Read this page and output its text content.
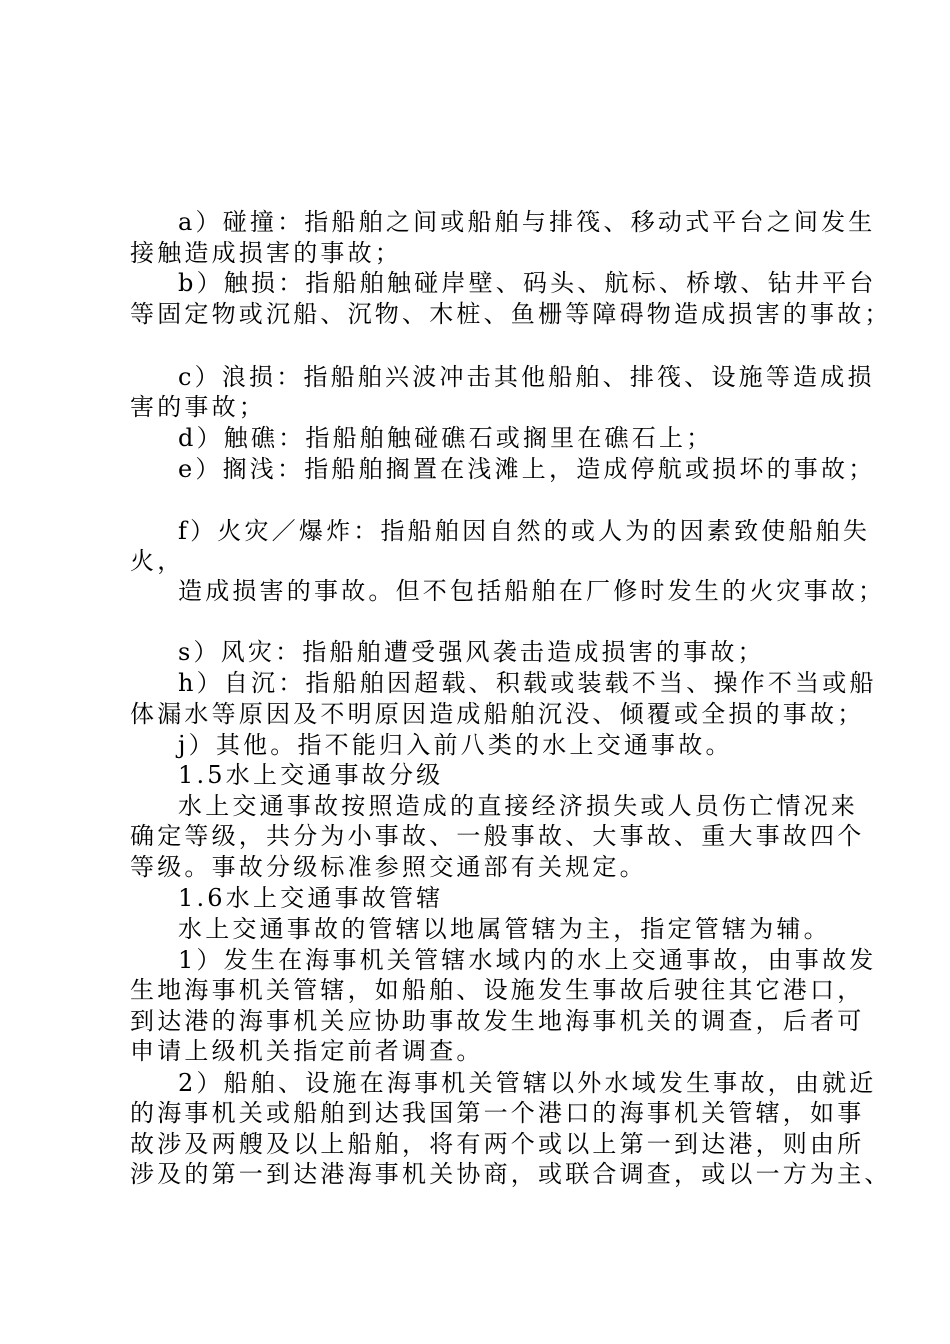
a）碰撞：指船舶之间或船舶与排筏、移动式平台之间发生
接触造成损害的事故；
b）触损：指船舶触碰岸壁、码头、航标、桥墩、钻井平台
等固定物或沉船、沉物、木桩、鱼栅等障碍物造成损害的事故；
c）浪损：指船舶兴波冲击其他船舶、排筏、设施等造成损
害的事故；
d）触礁：指船舶触碰礁石或搁里在礁石上；
e）搁浅：指船舶搁置在浅滩上，造成停航或损坏的事故；
f）火灾／爆炸：指船舶因自然的或人为的因素致使船舶失
火，
造成损害的事故。但不包括船舶在厂修时发生的火灾事故；
s）风灾：指船舶遭受强风袭击造成损害的事故；
h）自沉：指船舶因超载、积载或装载不当、操作不当或船
体漏水等原因及不明原因造成船舶沉没、倾覆或全损的事故；
j）其他。指不能归入前八类的水上交通事故。
1.5水上交通事故分级
水上交通事故按照造成的直接经济损失或人员伤亡情况来
确定等级，共分为小事故、一般事故、大事故、重大事故四个
等级。事故分级标准参照交通部有关规定。
1.6水上交通事故管辖
水上交通事故的管辖以地属管辖为主，指定管辖为辅。
1）发生在海事机关管辖水域内的水上交通事故，由事故发
生地海事机关管辖，如船舶、设施发生事故后驶往其它港口，
到达港的海事机关应协助事故发生地海事机关的调查，后者可
申请上级机关指定前者调查。
2）船舶、设施在海事机关管辖以外水域发生事故，由就近
的海事机关或船舶到达我国第一个港口的海事机关管辖，如事
故涉及两艘及以上船舶，将有两个或以上第一到达港，则由所
涉及的第一到达港海事机关协商，或联合调查，或以一方为主、
